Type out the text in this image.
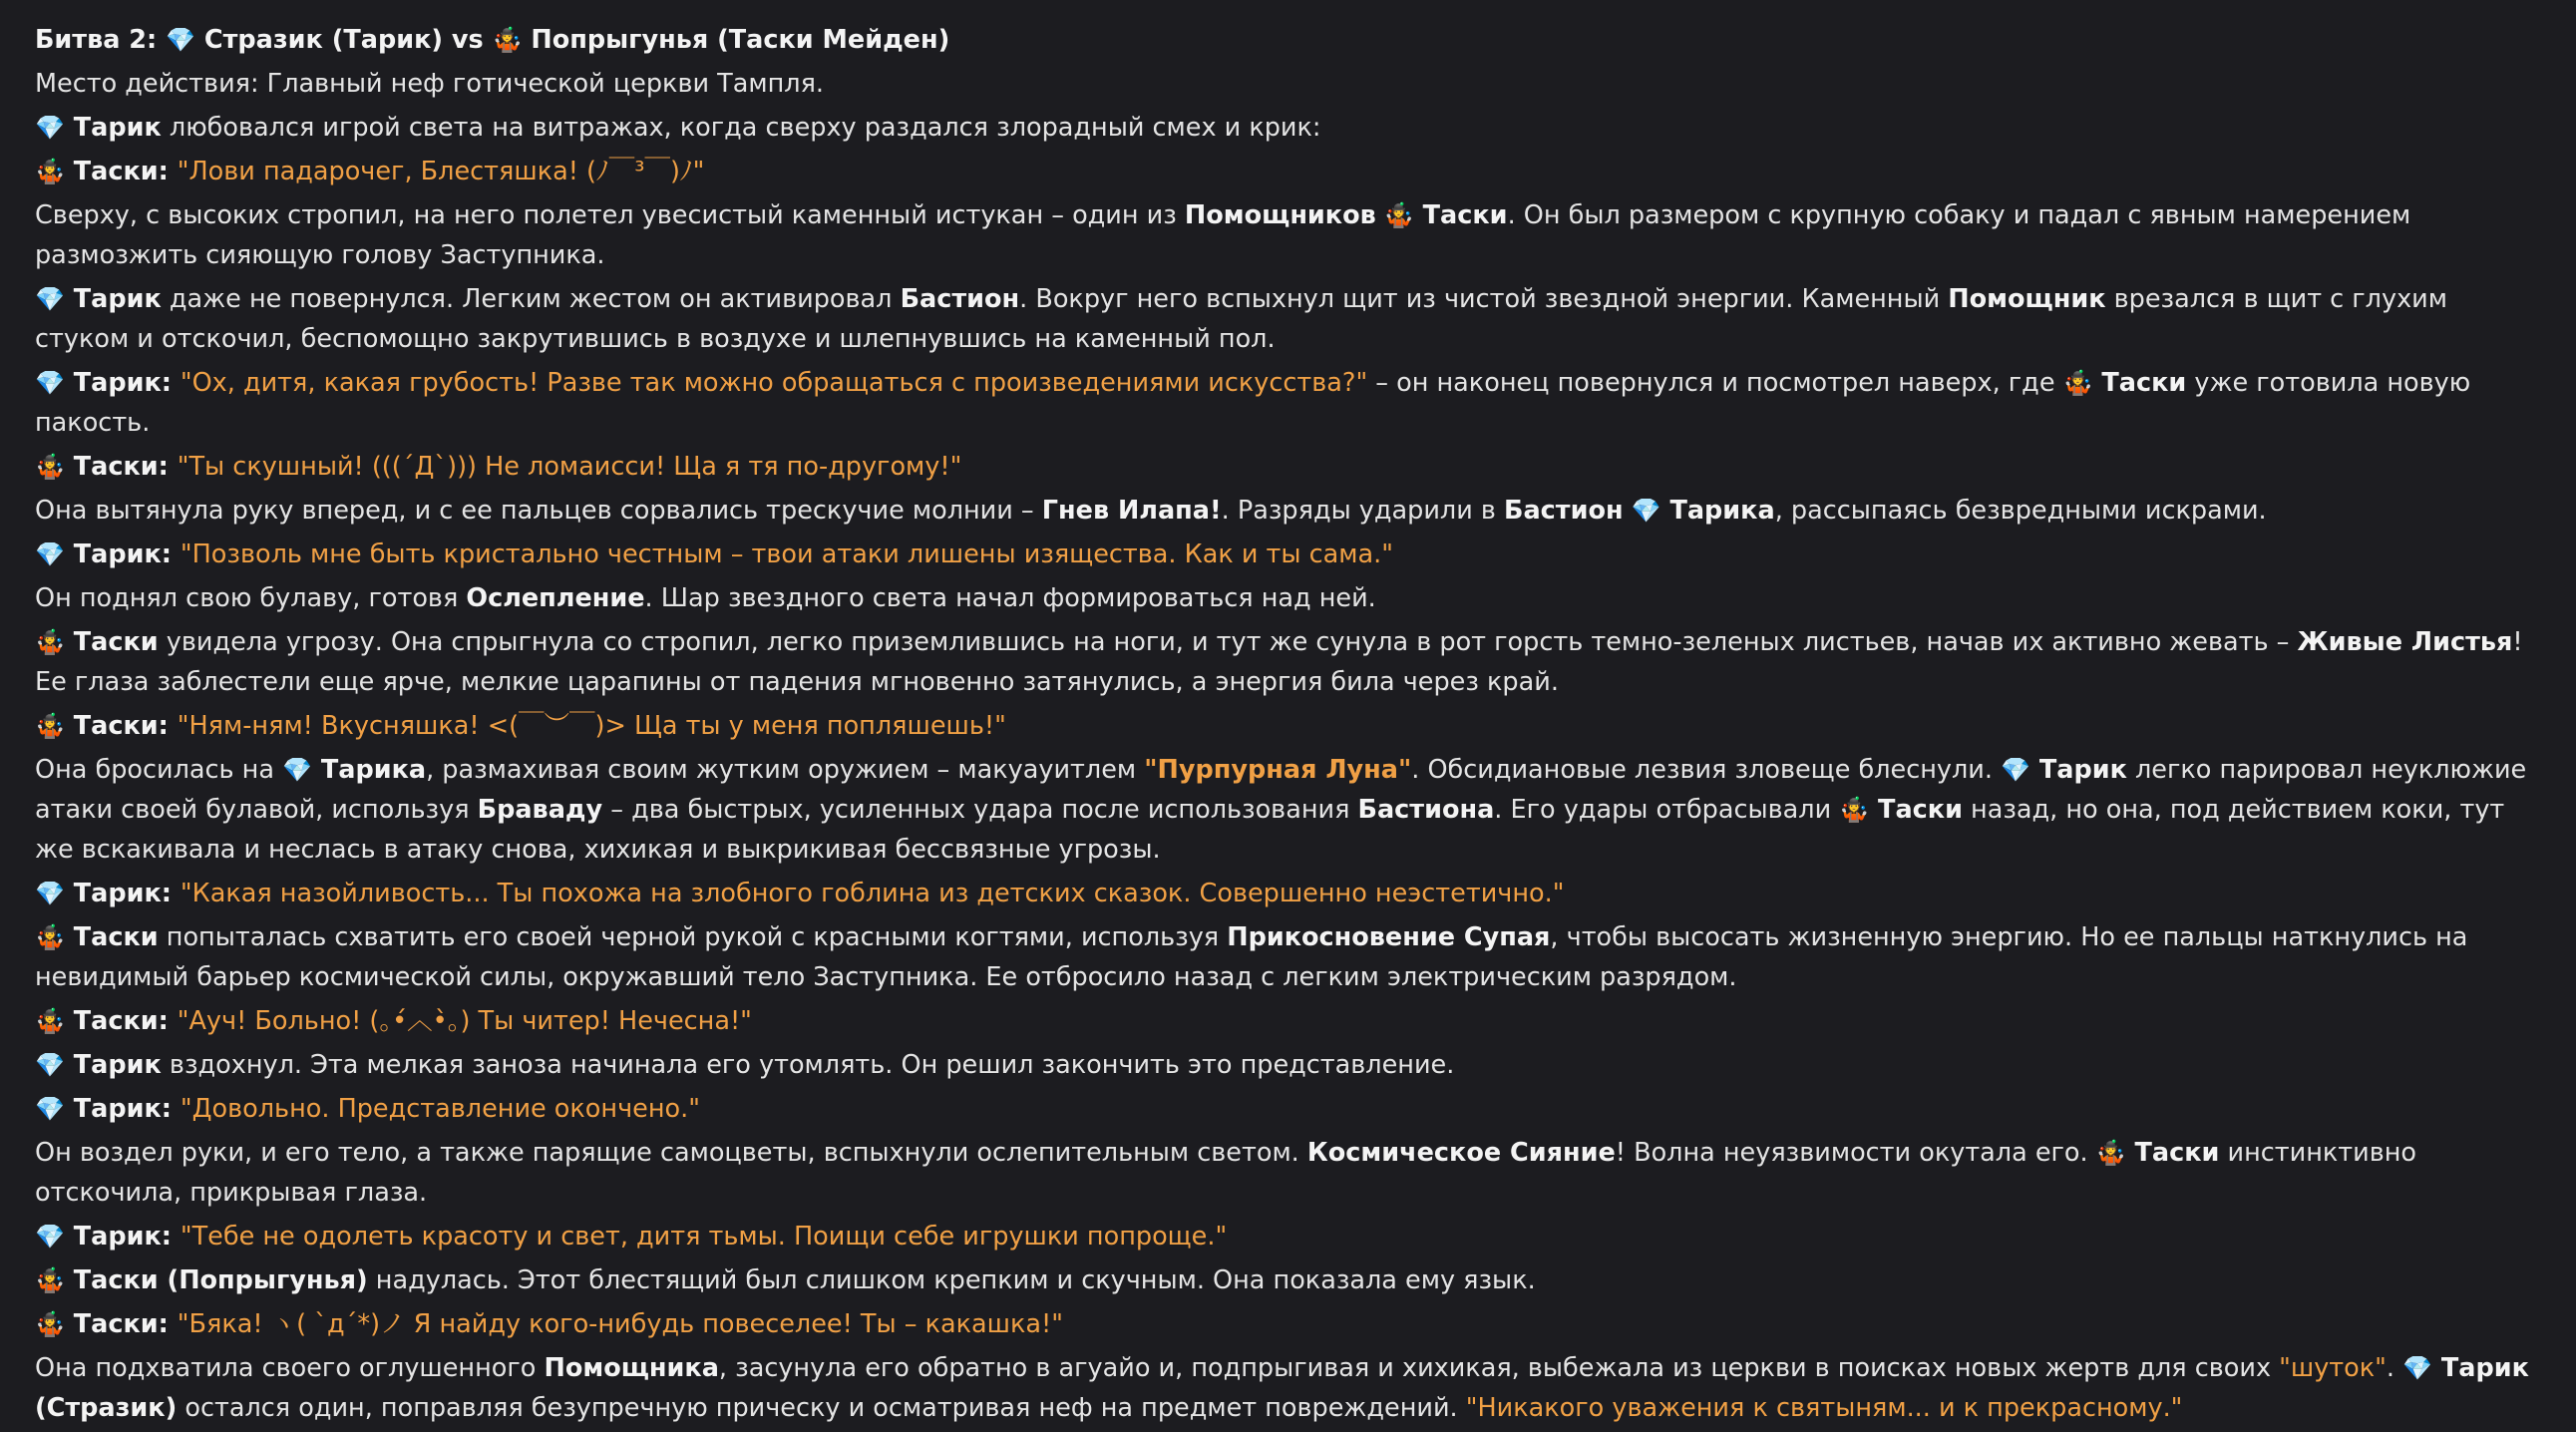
Битва 2: 💎 Стразик (Тарик) vs 🤹 Попрыгунья (Таски Мейден)
Место действия: Главный неф готической церкви Тампля.
💎 Тарик любовался игрой света на витражах, когда сверху раздался злорадный смех и крик:
🤹 Таски: "Лови падарочег, Блестяшка! (ﾉ￣³￣)ﾉ"
Сверху, с высоких стропил, на него полетел увесистый каменный истукан – один из Помощников 🤹 Таски. Он был размером с крупную собаку и падал с явным намерением размозжить сияющую голову Заступника.
💎 Тарик даже не повернулся. Легким жестом он активировал Бастион. Вокруг него вспыхнул щит из чистой звездной энергии. Каменный Помощник врезался в щит с глухим стуком и отскочил, беспомощно закрутившись в воздухе и шлепнувшись на каменный пол.
💎 Тарик: "Ох, дитя, какая грубость! Разве так можно обращаться с произведениями искусства?" – он наконец повернулся и посмотрел наверх, где 🤹 Таски уже готовила новую пакость.
🤹 Таски: "Ты скушный! (((´Д`))) Не ломаисси! Ща я тя по-другому!"
Она вытянула руку вперед, и с ее пальцев сорвались трескучие молнии – Гнев Илапа!. Разряды ударили в Бастион 💎 Тарика, рассыпаясь безвредными искрами.
💎 Тарик: "Позволь мне быть кристально честным – твои атаки лишены изящества. Как и ты сама."
Он поднял свою булаву, готовя Ослепление. Шар звездного света начал формироваться над ней.
🤹 Таски увидела угрозу. Она спрыгнула со стропил, легко приземлившись на ноги, и тут же сунула в рот горсть темно-зеленых листьев, начав их активно жевать – Живые Листья! Ее глаза заблестели еще ярче, мелкие царапины от падения мгновенно затянулись, а энергия била через край.
🤹 Таски: "Ням-ням! Вкусняшка! <(￣︶￣)> Ща ты у меня попляшешь!"
Она бросилась на 💎 Тарика, размахивая своим жутким оружием – макуауитлем "Пурпурная Луна". Обсидиановые лезвия зловеще блеснули. 💎 Тарик легко парировал неуклюжие атаки своей булавой, используя Браваду – два быстрых, усиленных удара после использования Бастиона. Его удары отбрасывали 🤹 Таски назад, но она, под действием коки, тут же вскакивала и неслась в атаку снова, хихикая и выкрикивая бессвязные угрозы.
💎 Тарик: "Какая назойливость... Ты похожа на злобного гоблина из детских сказок. Совершенно неэстетично."
🤹 Таски попыталась схватить его своей черной рукой с красными когтями, используя Прикосновение Супая, чтобы высосать жизненную энергию. Но ее пальцы наткнулись на невидимый барьер космической силы, окружавший тело Заступника. Ее отбросило назад с легким электрическим разрядом.
🤹 Таски: "Ауч! Больно! (｡•́︿•̀｡) Ты читер! Нечесна!"
💎 Тарик вздохнул. Эта мелкая заноза начинала его утомлять. Он решил закончить это представление.
💎 Тарик: "Довольно. Представление окончено."
Он воздел руки, и его тело, а также парящие самоцветы, вспыхнули ослепительным светом. Космическое Сияние! Волна неуязвимости окутала его. 🤹 Таски инстинктивно отскочила, прикрывая глаза.
💎 Тарик: "Тебе не одолеть красоту и свет, дитя тьмы. Поищи себе игрушки попроще."
🤹 Таски (Попрыгунья) надулась. Этот блестящий был слишком крепким и скучным. Она показала ему язык.
🤹 Таски: "Бяка! ヽ( `д´*)ノ Я найду кого-нибудь повеселее! Ты – какашка!"
Она подхватила своего оглушенного Помощника, засунула его обратно в агуайо и, подпрыгивая и хихикая, выбежала из церкви в поисках новых жертв для своих "шуток". 💎 Тарик (Стразик) остался один, поправляя безупречную прическу и осматривая неф на предмет повреждений. "Никакого уважения к святыням... и к прекрасному."
